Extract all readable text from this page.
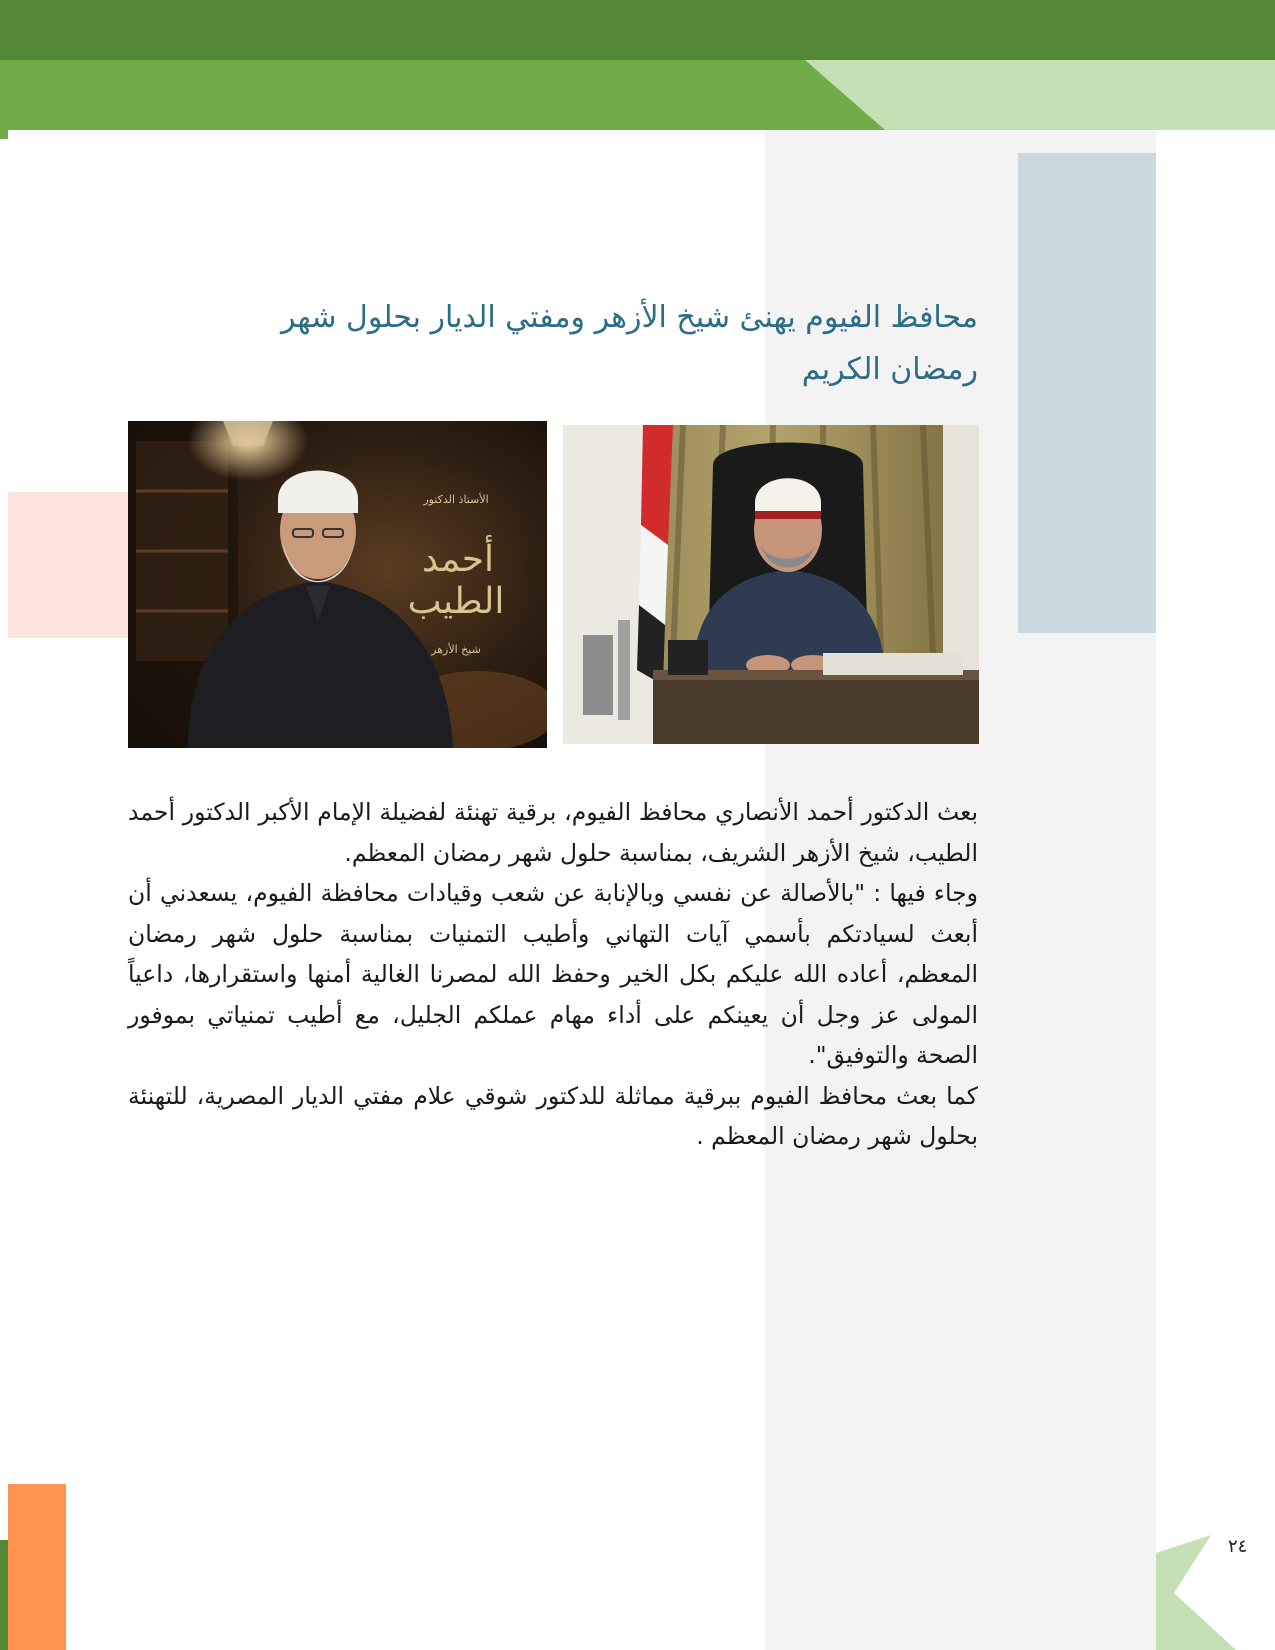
محافظ الفيوم يهنئ شيخ الأزهر ومفتي الديار بحلول شهر رمضان الكريم
الأستاذ الدكتور
أحمد
الطيب
شيخ الأزهر

بعث الدكتور أحمد الأنصاري محافظ الفيوم، برقية تهنئة لفضيلة الإمام الأكبر الدكتور أحمد الطيب، شيخ الأزهر الشريف، بمناسبة حلول شهر رمضان المعظم.

وجاء فيها : "بالأصالة عن نفسي وبالإنابة عن شعب وقيادات محافظة الفيوم، يسعدني أن أبعث لسيادتكم بأسمي آيات التهاني وأطيب التمنيات بمناسبة حلول شهر رمضان المعظم، أعاده الله عليكم بكل الخير وحفظ الله لمصرنا الغالية أمنها واستقرارها، داعياً المولى عز وجل أن يعينكم على أداء مهام عملكم الجليل، مع أطيب تمنياتي بموفور الصحة والتوفيق".

كما بعث محافظ الفيوم ببرقية مماثلة للدكتور شوقي علام مفتي الديار المصرية، للتهنئة بحلول شهر رمضان المعظم .

٢٤
